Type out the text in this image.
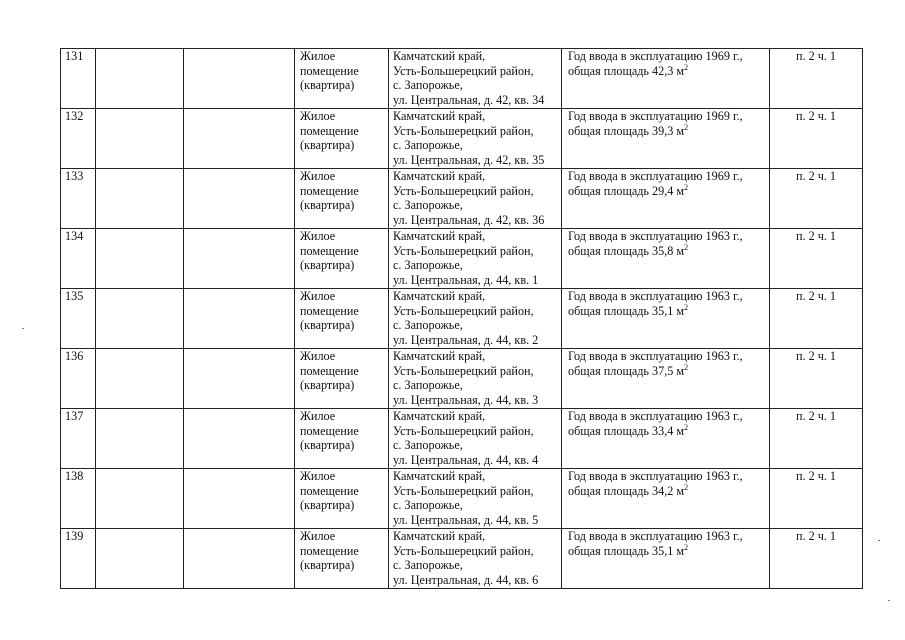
131			Жилое
помещение
(квартира)	Камчатский край,
Усть-Большерецкий район,
с. Запорожье,
ул. Центральная, д. 42, кв. 34	Год ввода в эксплуатацию 1969 г.,
общая площадь 42,3 $м^2$	п. 2 ч. 1
132			Жилое
помещение
(квартира)	Камчатский край,
Усть-Большерецкий район,
с. Запорожье,
ул. Центральная, д. 42, кв. 35	Год ввода в эксплуатацию 1969 г.,
общая площадь 39,3 $м^2$	п. 2 ч. 1
133			Жилое
помещение
(квартира)	Камчатский край,
Усть-Большерецкий район,
с. Запорожье,
ул. Центральная, д. 42, кв. 36	Год ввода в эксплуатацию 1969 г.,
общая площадь 29,4 $м^2$	п. 2 ч. 1
134			Жилое
помещение
(квартира)	Камчатский край,
Усть-Большерецкий район,
с. Запорожье,
ул. Центральная, д. 44, кв. 1	Год ввода в эксплуатацию 1963 г.,
общая площадь 35,8 $м^2$	п. 2 ч. 1
135			Жилое
помещение
(квартира)	Камчатский край,
Усть-Большерецкий район,
с. Запорожье,
ул. Центральная, д. 44, кв. 2	Год ввода в эксплуатацию 1963 г.,
общая площадь 35,1 $м^2$	п. 2 ч. 1
136			Жилое
помещение
(квартира)	Камчатский край,
Усть-Большерецкий район,
с. Запорожье,
ул. Центральная, д. 44, кв. 3	Год ввода в эксплуатацию 1963 г.,
общая площадь 37,5 $м^2$	п. 2 ч. 1
137			Жилое
помещение
(квартира)	Камчатский край,
Усть-Большерецкий район,
с. Запорожье,
ул. Центральная, д. 44, кв. 4	Год ввода в эксплуатацию 1963 г.,
общая площадь 33,4 $м^2$	п. 2 ч. 1
138			Жилое
помещение
(квартира)	Камчатский край,
Усть-Большерецкий район,
с. Запорожье,
ул. Центральная, д. 44, кв. 5	Год ввода в эксплуатацию 1963 г.,
общая площадь 34,2 $м^2$	п. 2 ч. 1
139			Жилое
помещение
(квартира)	Камчатский край,
Усть-Большерецкий район,
с. Запорожье,
ул. Центральная, д. 44, кв. 6	Год ввода в эксплуатацию 1963 г.,
общая площадь 35,1 $м^2$	п. 2 ч. 1
